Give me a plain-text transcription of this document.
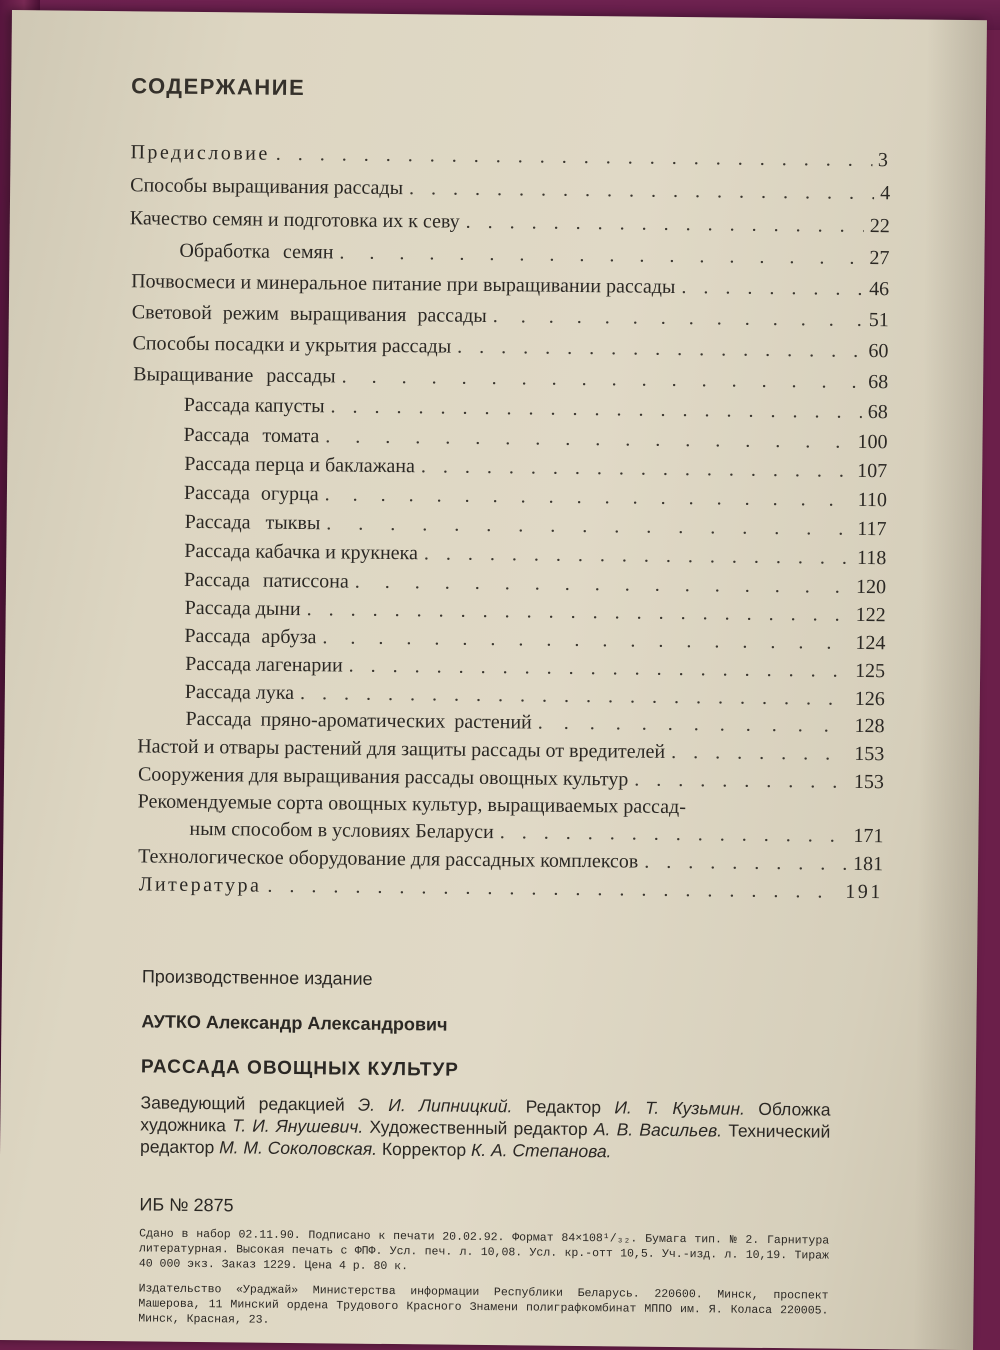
СОДЕРЖАНИЕ
Предисловие . . .	3
Способы выращивания рассады . . .	4
Качество семян и подготовка их к севу . . .	22
Обработка семян . . .	27
Почвосмеси и минеральное питание при выращивании рассады . . .	46
Световой режим выращивания рассады . . .	51
Способы посадки и укрытия рассады . . .	60
Выращивание рассады . . .	68
Рассада капусты . . .	68
Рассада томата . . .	100
Рассада перца и баклажана . . .	107
Рассада огурца . . .	110
Рассада тыквы . . .	117
Рассада кабачка и крукнека . . .	118
Рассада патиссона . . .	120
Рассада дыни . . .	122
Рассада арбуза . . .	124
Рассада лагенарии . . .	125
Рассада лука . . .	126
Рассада пряно-ароматических растений . . .	128
Настой и отвары растений для защиты рассады от вредителей . . .	153
Сооружения для выращивания рассады овощных культур . . .	153
Рекомендуемые сорта овощных культур, выращиваемых рассад-
ным способом в условиях Беларуси . . .	171
Технологическое оборудование для рассадных комплексов . . .	181
Литература . . .	191
Производственное издание
АУТКО Александр Александрович
РАССАДА ОВОЩНЫХ КУЛЬТУР
Заведующий редакцией Э. И. Липницкий. Редактор И. Т. Кузьмин. Обложка художника Т. И. Янушевич. Художественный редактор А. В. Васильев. Технический редактор М. М. Соколовская. Корректор К. А. Степанова.
ИБ № 2875
Сдано в набор 02.11.90. Подписано к печати 20.02.92. Формат 84×108¹/₃₂. Бумага тип. № 2. Гарнитура литературная. Высокая печать с ФПФ. Усл. печ. л. 10,08. Усл. кр.-отт 10,5. Уч.-изд. л. 10,19. Тираж 40 000 экз. Заказ 1229. Цена 4 р. 80 к.
Издательство «Ураджай» Министерства информации Республики Беларусь. 220600. Минск, проспект Машерова, 11 Минский ордена Трудового Красного Знамени полиграфкомбинат МППО им. Я. Коласа 220005. Минск, Красная, 23.
